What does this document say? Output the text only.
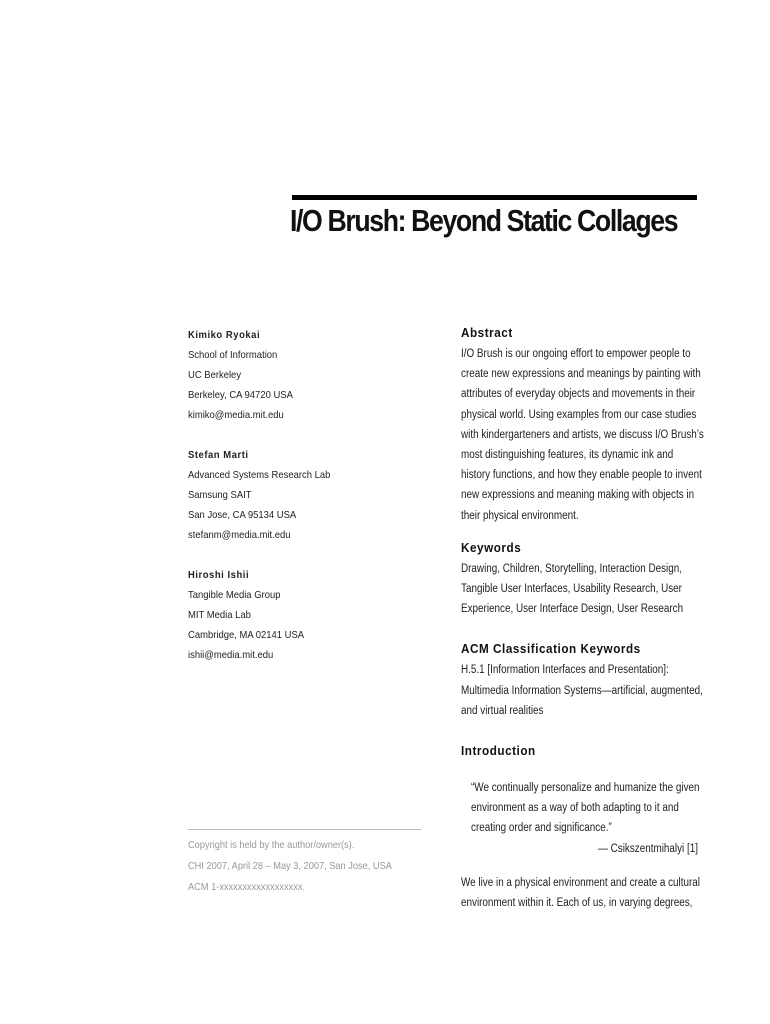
I/O Brush: Beyond Static Collages
Kimiko Ryokai
School of Information
UC Berkeley
Berkeley, CA 94720 USA
kimiko@media.mit.edu
Stefan Marti
Advanced Systems Research Lab
Samsung SAIT
San Jose, CA 95134 USA
stefanm@media.mit.edu
Hiroshi Ishii
Tangible Media Group
MIT Media Lab
Cambridge, MA 02141 USA
ishii@media.mit.edu
Copyright is held by the author/owner(s).
CHI 2007, April 28 – May 3, 2007, San Jose, USA
ACM 1-xxxxxxxxxxxxxxxxxx.
Abstract
I/O Brush is our ongoing effort to empower people to
create new expressions and meanings by painting with
attributes of everyday objects and movements in their
physical world. Using examples from our case studies
with kindergarteners and artists, we discuss I/O Brush’s
most distinguishing features, its dynamic ink and
history functions, and how they enable people to invent
new expressions and meaning making with objects in
their physical environment.
Keywords
Drawing, Children, Storytelling, Interaction Design,
Tangible User Interfaces, Usability Research, User
Experience, User Interface Design, User Research
ACM Classification Keywords
H.5.1 [Information Interfaces and Presentation]:
Multimedia Information Systems—artificial, augmented,
and virtual realities
Introduction
“We continually personalize and humanize the given
environment as a way of both adapting to it and
creating order and significance.”
— Csikszentmihalyi [1]
We live in a physical environment and create a cultural
environment within it. Each of us, in varying degrees,
